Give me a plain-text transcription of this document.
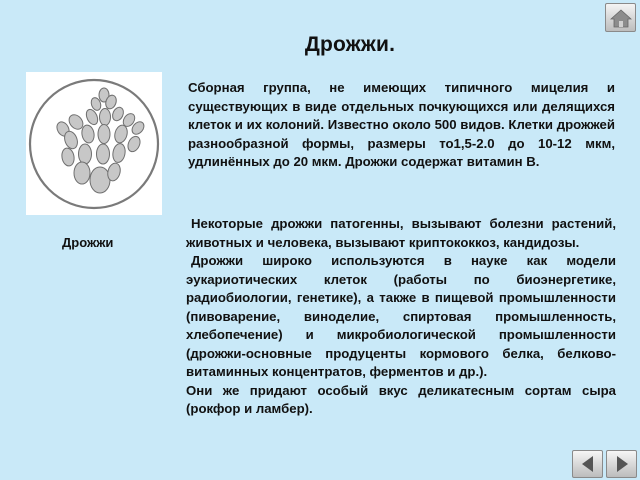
Дрожжи.
Дрожжи

Сборная группа, не имеющих типичного мицелия и существующих в виде отдельных почкующихся или делящихся клеток и их колоний. Известно около 500 видов. Клетки дрожжей разнообразной формы, размеры то1,5-2.0 до 10-12 мкм, удлинённых до 20 мкм. Дрожжи содержат витамин В.

Некоторые дрожжи патогенны, вызывают болезни растений, животных и человека, вызывают криптококкоз, кандидозы.

Дрожжи широко используются в науке как модели эукариотических клеток (работы по биоэнергетике, радиобиологии, генетике), а также в пищевой промышленности (пивоварение, виноделие, спиртовая промышленность, хлебопечение) и микробиологической промышленности (дрожжи-основные продуценты кормового белка, белково-витаминных концентратов, ферментов и др.).

Они же придают особый вкус деликатесным сортам сыра (рокфор и ламбер).
